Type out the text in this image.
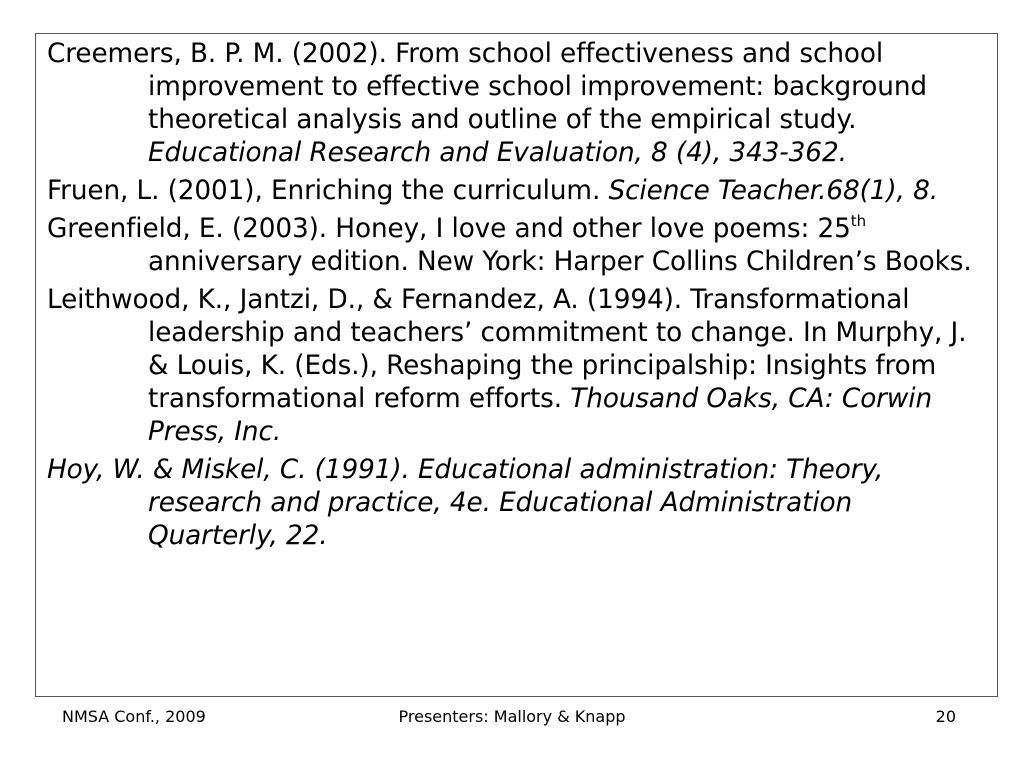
Creemers, B. P. M. (2002). From school effectiveness and school improvement to effective school improvement: background theoretical analysis and outline of the empirical study. Educational Research and Evaluation, 8 (4), 343-362.
Fruen, L. (2001), Enriching the curriculum. Science Teacher.68(1), 8.
Greenfield, E. (2003). Honey, I love and other love poems: 25th anniversary edition. New York: Harper Collins Children’s Books.
Leithwood, K., Jantzi, D., & Fernandez, A. (1994). Transformational leadership and teachers’ commitment to change. In Murphy, J. & Louis, K. (Eds.), Reshaping the principalship: Insights from transformational reform efforts. Thousand Oaks, CA: Corwin Press, Inc.
Hoy, W. & Miskel, C. (1991). Educational administration: Theory, research and practice, 4e. Educational Administration Quarterly, 22.
NMSA Conf., 2009	Presenters: Mallory & Knapp	20
